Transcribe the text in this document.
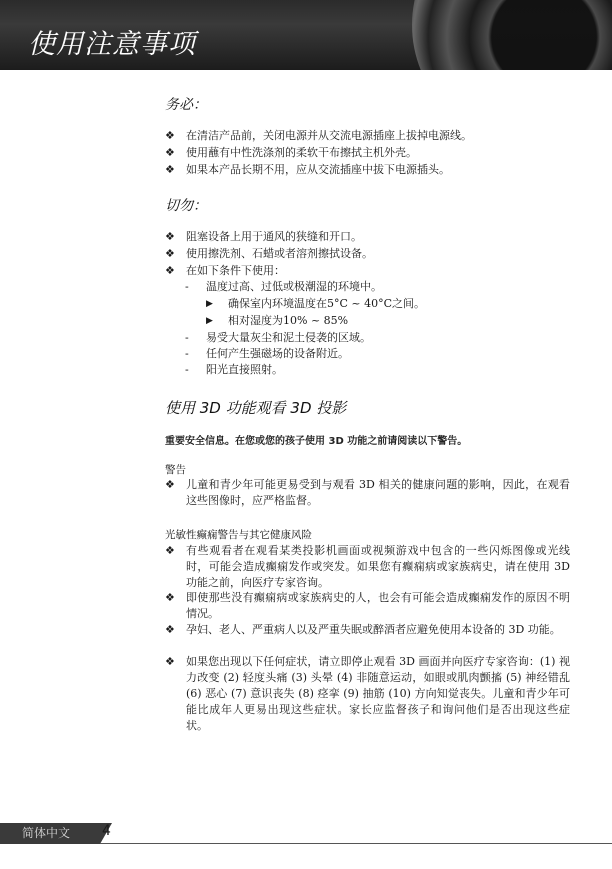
使用注意事项
务必：
❖	在清洁产品前，关闭电源并从交流电源插座上拔掉电源线。
❖	使用蘸有中性洗涤剂的柔软干布擦拭主机外壳。
❖	如果本产品长期不用，应从交流插座中拔下电源插头。
切勿：
❖	阻塞设备上用于通风的狭缝和开口。
❖	使用擦洗剂、石蜡或者溶剂擦拭设备。
❖	在如下条件下使用：
- 温度过高、过低或极潮湿的环境中。
▶ 确保室内环境温度在5°C ~ 40°C之间。
▶ 相对湿度为10% ~ 85%
- 易受大量灰尘和泥土侵袭的区域。
- 任何产生强磁场的设备附近。
- 阳光直接照射。
使用 3D 功能观看 3D 投影
重要安全信息。在您或您的孩子使用 3D 功能之前请阅读以下警告。
警告
❖	儿童和青少年可能更易受到与观看 3D 相关的健康问题的影响，因此，在观看这些图像时，应严格监督。
光敏性癫痫警告与其它健康风险
❖	有些观看者在观看某类投影机画面或视频游戏中包含的一些闪烁图像或光线时，可能会造成癫痫发作或突发。如果您有癫痫病或家族病史，请在使用 3D 功能之前，向医疗专家咨询。
❖	即使那些没有癫痫病或家族病史的人，也会有可能会造成癫痫发作的原因不明情况。
❖	孕妇、老人、严重病人以及严重失眠或醉酒者应避免使用本设备的 3D 功能。
❖	如果您出现以下任何症状，请立即停止观看 3D 画面并向医疗专家咨询：(1) 视力改变 (2) 轻度头痛 (3) 头晕 (4) 非随意运动，如眼或肌肉颤搐 (5) 神经错乱 (6) 恶心 (7) 意识丧失 (8) 痉挛 (9) 抽筋 (10) 方向知觉丧失。儿童和青少年可能比成年人更易出现这些症状。家长应监督孩子和询问他们是否出现这些症状。
简体中文	4
